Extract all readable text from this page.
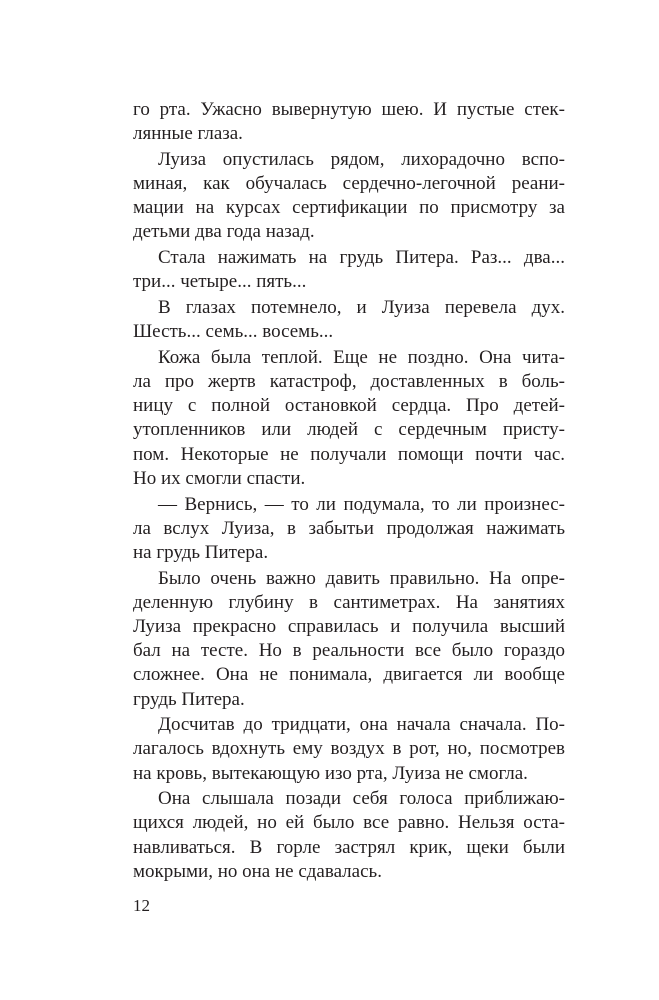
го рта. Ужасно вывернутую шею. И пустые стек-
лянные глаза.
Луиза опустилась рядом, лихорадочно вспо-
миная, как обучалась сердечно-легочной реани-
мации на курсах сертификации по присмотру за
детьми два года назад.
Стала нажимать на грудь Питера. Раз... два...
три... четыре... пять...
В глазах потемнело, и Луиза перевела дух.
Шесть... семь... восемь...
Кожа была теплой. Еще не поздно. Она чита-
ла про жертв катастроф, доставленных в боль-
ницу с полной остановкой сердца. Про детей-
утопленников или людей с сердечным присту-
пом. Некоторые не получали помощи почти час.
Но их смогли спасти.
— Вернись, — то ли подумала, то ли произнес-
ла вслух Луиза, в забытьи продолжая нажимать
на грудь Питера.
Было очень важно давить правильно. На опре-
деленную глубину в сантиметрах. На занятиях
Луиза прекрасно справилась и получила высший
бал на тесте. Но в реальности все было гораздо
сложнее. Она не понимала, двигается ли вообще
грудь Питера.
Досчитав до тридцати, она начала сначала. По-
лагалось вдохнуть ему воздух в рот, но, посмотрев
на кровь, вытекающую изо рта, Луиза не смогла.
Она слышала позади себя голоса приближаю-
щихся людей, но ей было все равно. Нельзя оста-
навливаться. В горле застрял крик, щеки были
мокрыми, но она не сдавалась.
12
